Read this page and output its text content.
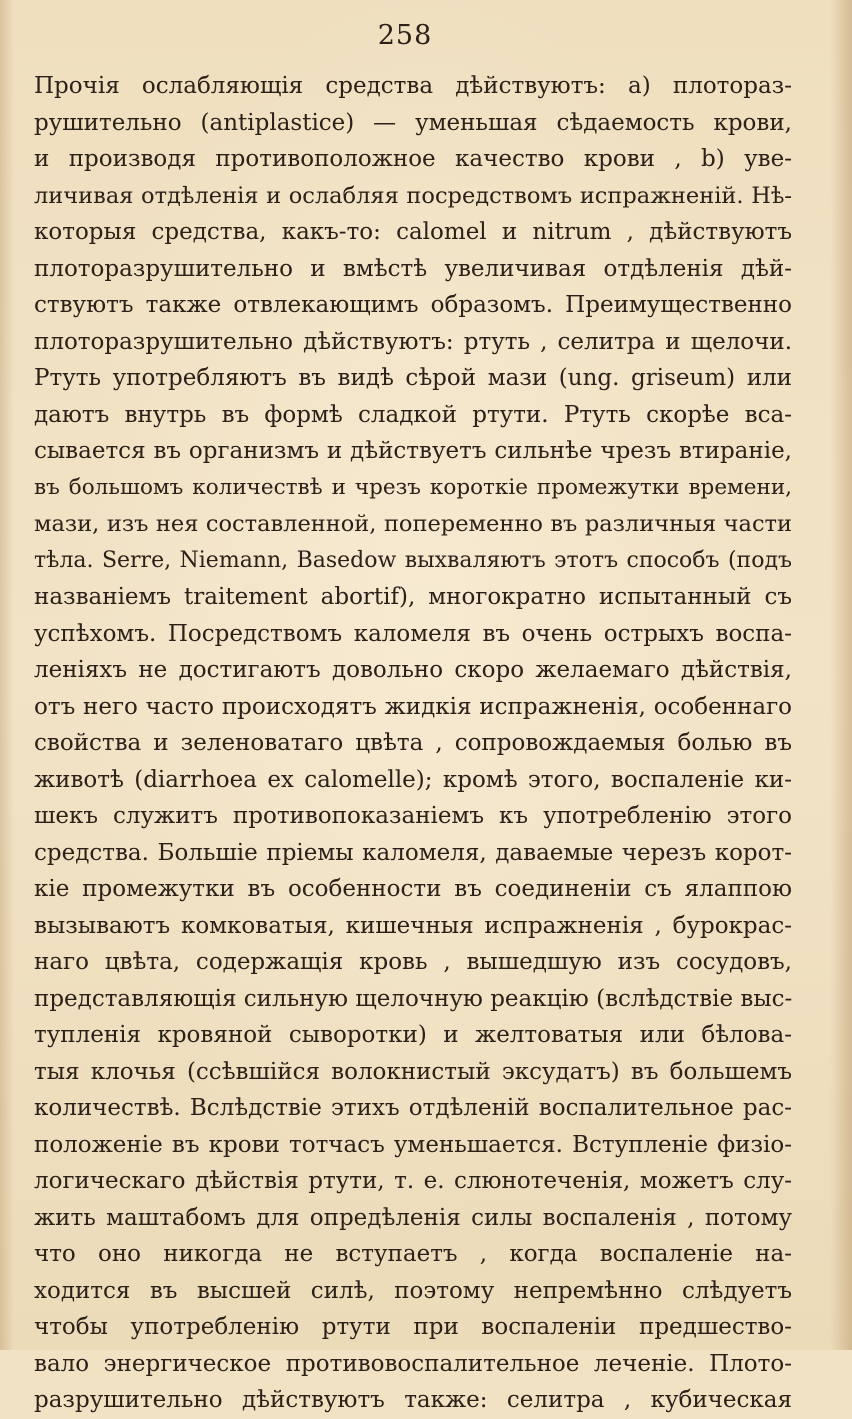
258
Прочія ослабляющія средства дѣйствуютъ: а) плотораз-
рушительно (antiplastice) — уменьшая сѣдаемость крови,
и производя противоположное качество крови , b) уве-
личивая отдѣленія и ослабляя посредствомъ испражненій. Нѣ-
которыя средства, какъ-то: calomel и nitrum , дѣйствуютъ
плоторазрушительно и вмѣстѣ увеличивая отдѣленія дѣй-
ствуютъ также отвлекающимъ образомъ. Преимущественно
плоторазрушительно дѣйствуютъ: ртуть , селитра и щелочи.
Ртуть употребляютъ въ видѣ сѣрой мази (ung. griseum) или
даютъ внутрь въ формѣ сладкой ртути. Ртуть скорѣе вса-
сывается въ организмъ и дѣйствуетъ сильнѣе чрезъ втираніе,
въ большомъ количествѣ и чрезъ короткіе промежутки времени,
мази, изъ нея составленной, попеременно въ различныя части
тѣла. Serre, Niemann, Basedow выхваляютъ этотъ способъ (подъ
названіемъ traitement abortif), многократно испытанный съ
успѣхомъ. Посредствомъ каломеля въ очень острыхъ воспа-
леніяхъ не достигаютъ довольно скоро желаемаго дѣйствія,
отъ него часто происходятъ жидкія испражненія, особеннаго
свойства и зеленоватаго цвѣта , сопровождаемыя болью въ
животѣ (diarrhoea ex calomelle); кромѣ этого, воспаленіе ки-
шекъ служитъ противопоказаніемъ къ употребленію этого
средства. Большіе пріемы каломеля, даваемые черезъ корот-
кіе промежутки въ особенности въ соединеніи съ ялаппою
вызываютъ комковатыя, кишечныя испражненія , бурокрас-
наго цвѣта, содержащія кровь , вышедшую изъ сосудовъ,
представляющія сильную щелочную реакцію (вслѣдствіе выс-
тупленія кровяной сыворотки) и желтоватыя или бѣлова-
тыя клочья (ссѣвшійся волокнистый эксудатъ) въ большемъ
количествѣ. Вслѣдствіе этихъ отдѣленій воспалительное рас-
положеніе въ крови тотчасъ уменьшается. Вступленіе физіо-
логическаго дѣйствія ртути, т. е. слюнотеченія, можетъ слу-
жить маштабомъ для опредѣленія силы воспаленія , потому
что оно никогда не вступаетъ , когда воспаленіе на-
ходится въ высшей силѣ, поэтому непремѣнно слѣдуетъ
чтобы употребленію ртути при воспаленіи предшество-
вало энергическое противовоспалительное леченіе. Плото-
разрушительно дѣйствуютъ также: селитра , кубическая
